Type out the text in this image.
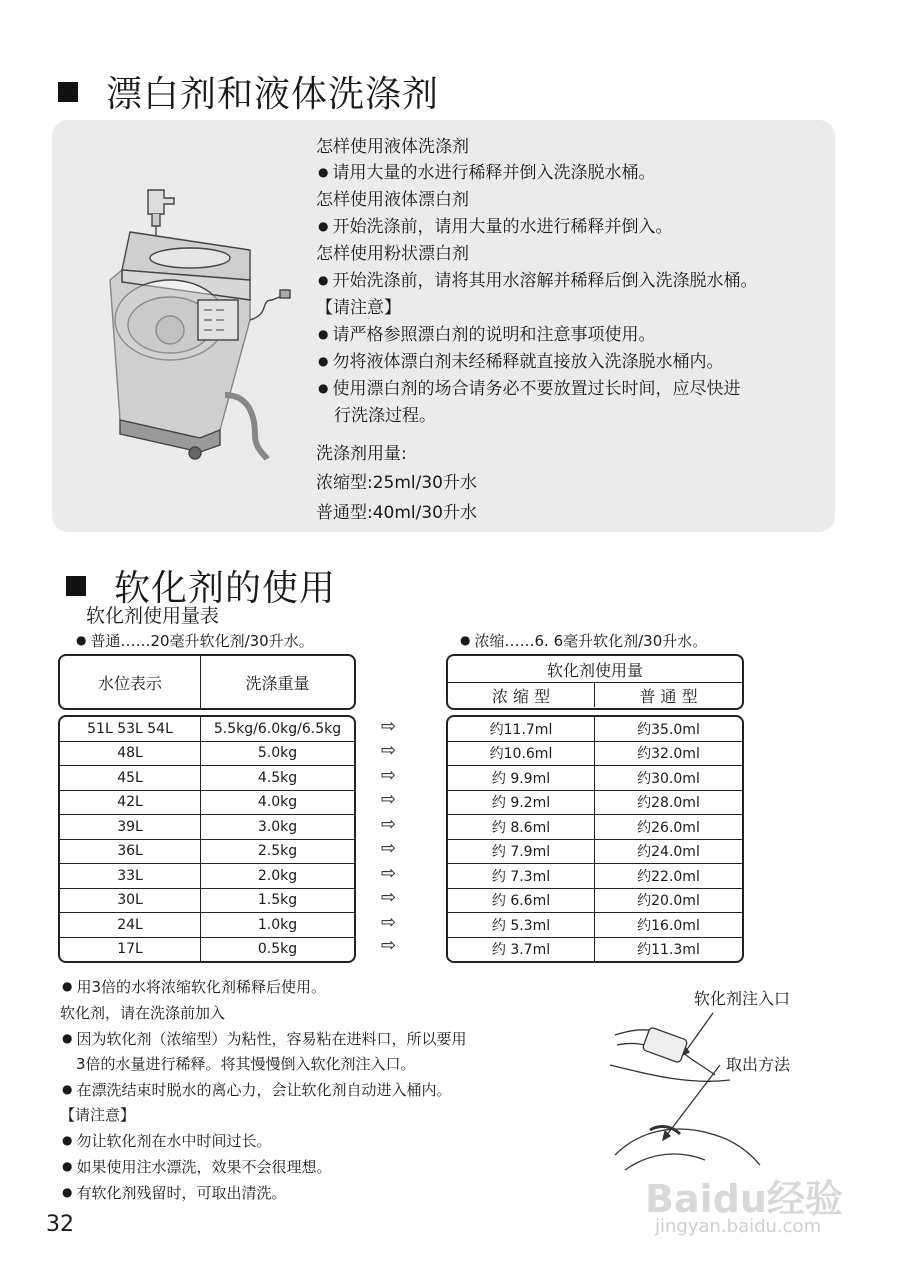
漂白剂和液体洗涤剂
怎样使用液体洗涤剂
● 请用大量的水进行稀释并倒入洗涤脱水桶。
怎样使用液体漂白剂
● 开始洗涤前，请用大量的水进行稀释并倒入。
怎样使用粉状漂白剂
● 开始洗涤前，请将其用水溶解并稀释后倒入洗涤脱水桶。
【请注意】
● 请严格参照漂白剂的说明和注意事项使用。
● 勿将液体漂白剂未经稀释就直接放入洗涤脱水桶内。
● 使用漂白剂的场合请务必不要放置过长时间，应尽快进
行洗涤过程。
洗涤剂用量:
浓缩型:25ml/30升水
普通型:40ml/30升水
软化剂的使用
软化剂使用量表
● 普通……20毫升软化剂/30升水。
●	浓缩……6. 6毫升软化剂/30升水。
水位表示	洗涤重量
软化剂使用量
浓 缩 型	普 通 型
51L 53L 54L	5.5kg/6.0kg/6.5kg
48L	5.0kg
45L	4.5kg
42L	4.0kg
39L	3.0kg
36L	2.5kg
33L	2.0kg
30L	1.5kg
24L	1.0kg
17L	0.5kg
⇨
⇨
⇨
⇨
⇨
⇨
⇨
⇨
⇨
⇨
约11.7ml	约35.0ml
约10.6ml	约32.0ml
约 9.9ml	约30.0ml
约 9.2ml	约28.0ml
约 8.6ml	约26.0ml
约 7.9ml	约24.0ml
约 7.3ml	约22.0ml
约 6.6ml	约20.0ml
约 5.3ml	约16.0ml
约 3.7ml	约11.3ml
● 用3倍的水将浓缩软化剂稀释后使用。
软化剂，请在洗涤前加入
● 因为软化剂（浓缩型）为粘性，容易粘在进料口，所以要用
3倍的水量进行稀释。将其慢慢倒入软化剂注入口。
● 在漂洗结束时脱水的离心力，会让软化剂自动进入桶内。
【请注意】
● 勿让软化剂在水中时间过长。
● 如果使用注水漂洗，效果不会很理想。
● 有软化剂残留时，可取出清洗。
软化剂注入口
取出方法
Baidu经验
jingyan.baidu.com
32
